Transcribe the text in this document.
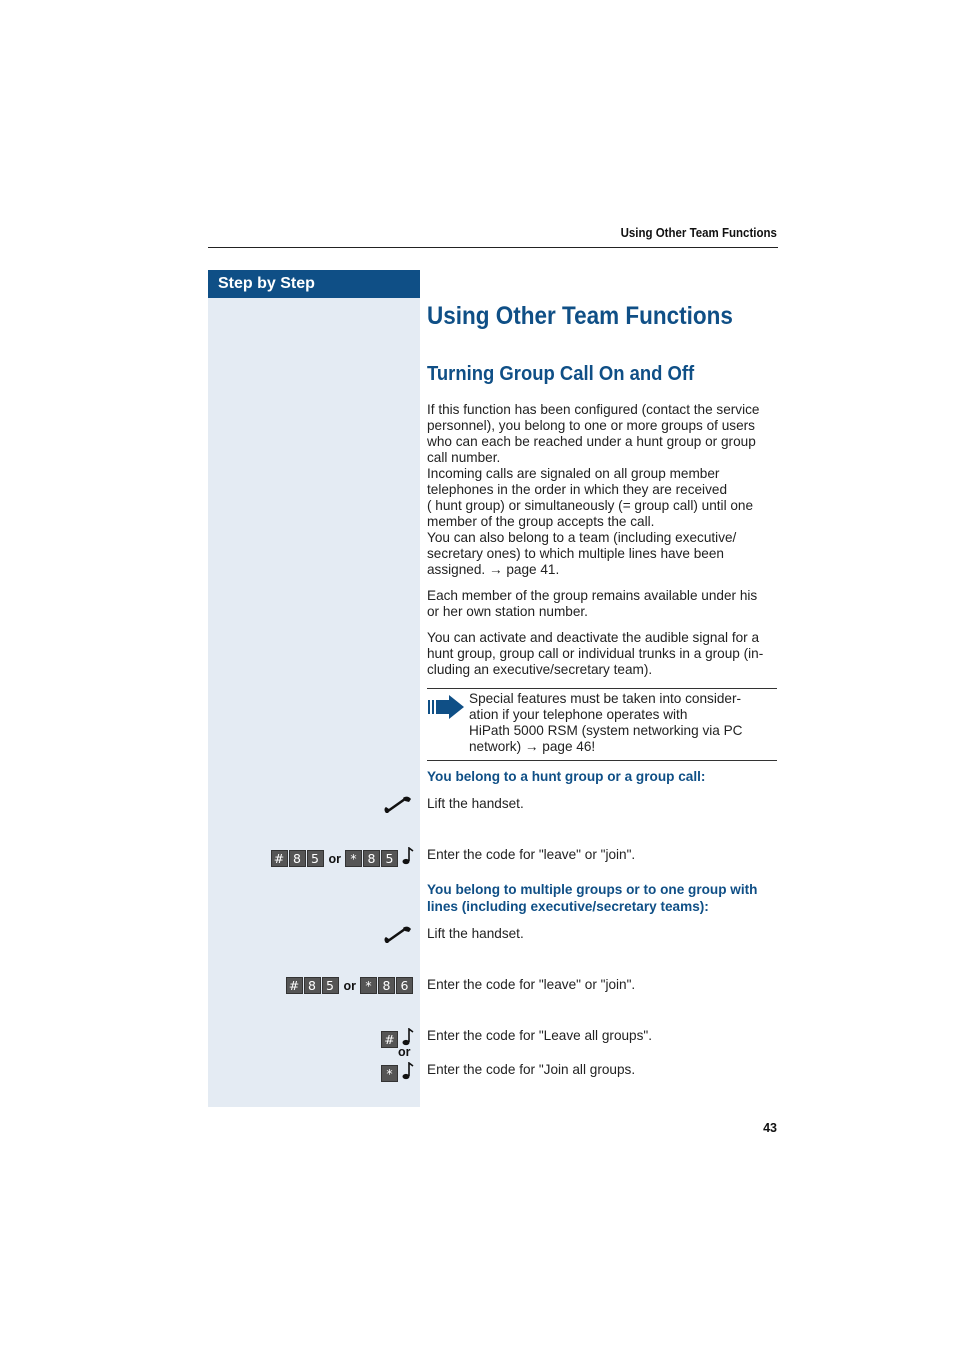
Using Other Team Functions
Step by Step
Using Other Team Functions
Turning Group Call On and Off

If this function has been configured (contact the service

personnel), you belong to one or more groups of users

who can each be reached under a hunt group or group

call number.

Incoming calls are signaled on all group member

telephones in the order in which they are received

( hunt group) or simultaneously (= group call) until one

member of the group accepts the call.

You can also belong to a team (including executive/

secretary ones) to which multiple lines have been

assigned. → page 41.

Each member of the group remains available under his

or her own station number.

You can activate and deactivate the audible signal for a

hunt group, group call or individual trunks in a group (in-

cluding an executive/secretary team).

Special features must be taken into consider-
ation if your telephone operates with
HiPath 5000 RSM (system networking via PC
network) → page 46!
You belong to a hunt group or a group call:
Lift the handset.
# 8 5 or * 8 5	Enter the code for "leave" or "join".
You belong to multiple groups or to one group with
lines (including executive/secretary teams):
Lift the handset.
# 8 5 or * 8 6	Enter the code for "leave" or "join".
# Enter the code for "Leave all groups".
or
*	Enter the code for "Join all groups.
43
